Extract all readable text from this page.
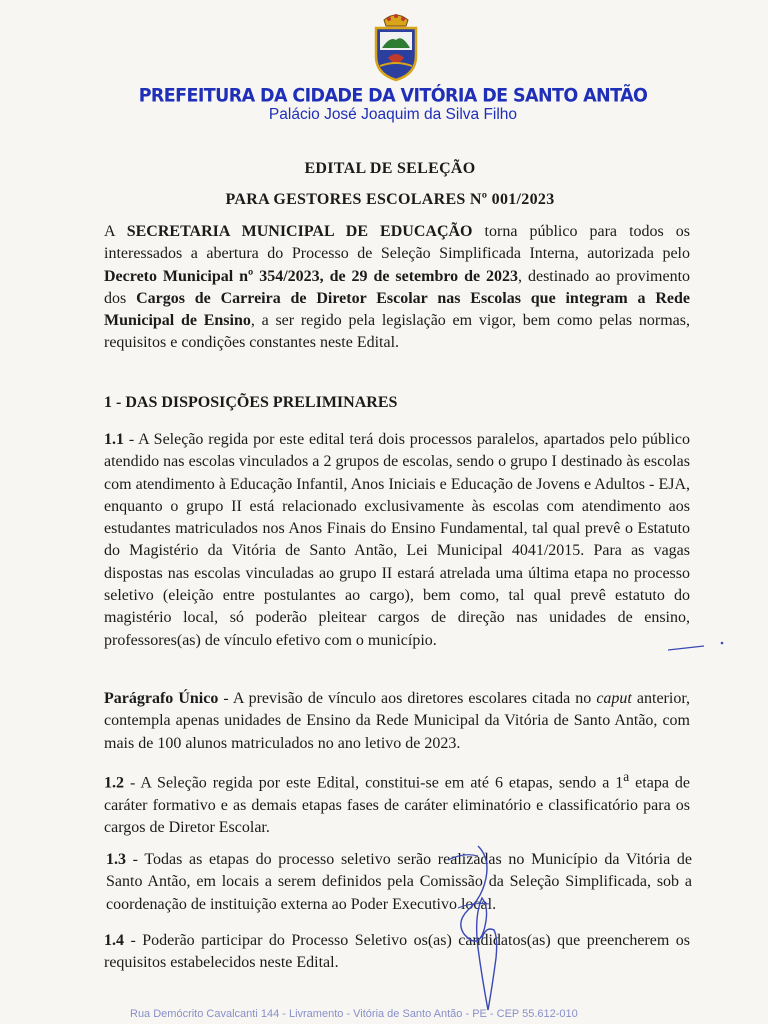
PREFEITURA DA CIDADE DA VITÓRIA DE SANTO ANTÃO
Palácio José Joaquim da Silva Filho
EDITAL DE SELEÇÃO
PARA GESTORES ESCOLARES Nº 001/2023
A SECRETARIA MUNICIPAL DE EDUCAÇÃO torna público para todos os interessados a abertura do Processo de Seleção Simplificada Interna, autorizada pelo Decreto Municipal nº 354/2023, de 29 de setembro de 2023, destinado ao provimento dos Cargos de Carreira de Diretor Escolar nas Escolas que integram a Rede Municipal de Ensino, a ser regido pela legislação em vigor, bem como pelas normas, requisitos e condições constantes neste Edital.
1 - DAS DISPOSIÇÕES PRELIMINARES
1.1 - A Seleção regida por este edital terá dois processos paralelos, apartados pelo público atendido nas escolas vinculados a 2 grupos de escolas, sendo o grupo I destinado às escolas com atendimento à Educação Infantil, Anos Iniciais e Educação de Jovens e Adultos - EJA, enquanto o grupo II está relacionado exclusivamente às escolas com atendimento aos estudantes matriculados nos Anos Finais do Ensino Fundamental, tal qual prevê o Estatuto do Magistério da Vitória de Santo Antão, Lei Municipal 4041/2015. Para as vagas dispostas nas escolas vinculadas ao grupo II estará atrelada uma última etapa no processo seletivo (eleição entre postulantes ao cargo), bem como, tal qual prevê estatuto do magistério local, só poderão pleitear cargos de direção nas unidades de ensino, professores(as) de vínculo efetivo com o município.
Parágrafo Único - A previsão de vínculo aos diretores escolares citada no caput anterior, contempla apenas unidades de Ensino da Rede Municipal da Vitória de Santo Antão, com mais de 100 alunos matriculados no ano letivo de 2023.
1.2 - A Seleção regida por este Edital, constitui-se em até 6 etapas, sendo a 1$^a$ etapa de caráter formativo e as demais etapas fases de caráter eliminatório e classificatório para os cargos de Diretor Escolar.
1.3 - Todas as etapas do processo seletivo serão realizadas no Município da Vitória de Santo Antão, em locais a serem definidos pela Comissão da Seleção Simplificada, sob a coordenação de instituição externa ao Poder Executivo local.
1.4 - Poderão participar do Processo Seletivo os(as) candidatos(as) que preencherem os requisitos estabelecidos neste Edital.
Rua Demócrito Cavalcanti 144 - Livramento - Vitória de Santo Antão - PE - CEP 55.612-010
